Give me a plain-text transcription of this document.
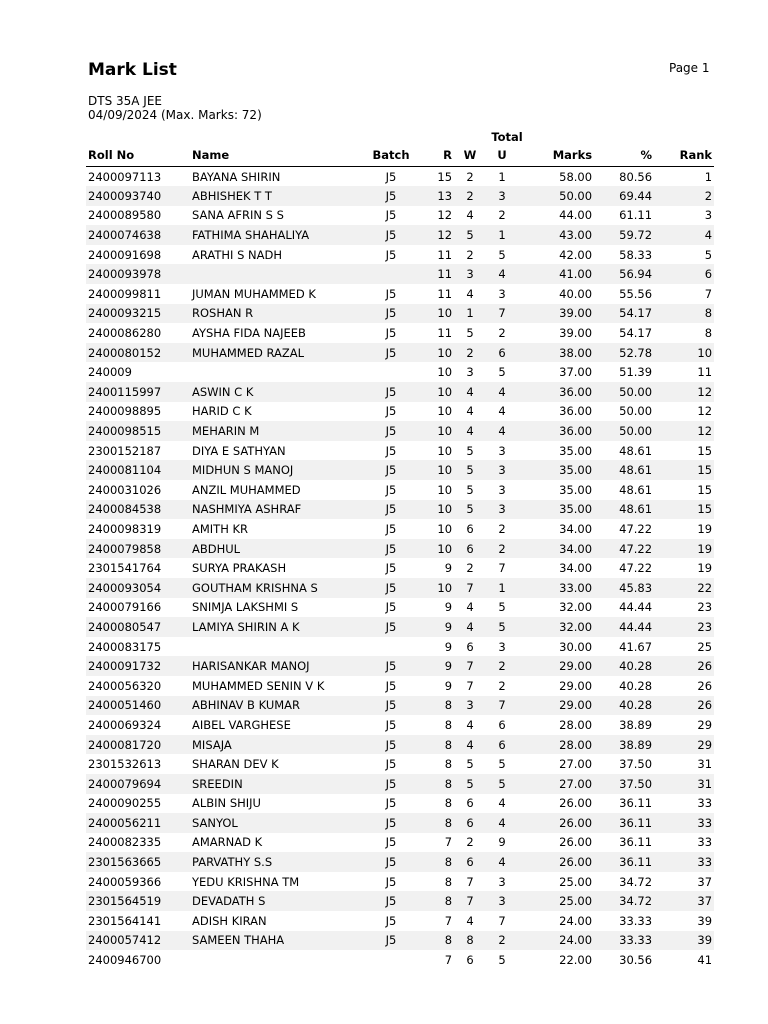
Mark List	Page 1
DTS 35A JEE
04/09/2024 (Max. Marks: 72)
			Total					
Roll No	Name	Batch	R	W	U	Marks	%	Rank
2400097113	BAYANA SHIRIN	J5	15	2	1	58.00	80.56	1
2400093740	ABHISHEK T T	J5	13	2	3	50.00	69.44	2
2400089580	SANA AFRIN S S	J5	12	4	2	44.00	61.11	3
2400074638	FATHIMA SHAHALIYA	J5	12	5	1	43.00	59.72	4
2400091698	ARATHI S NADH	J5	11	2	5	42.00	58.33	5
2400093978			11	3	4	41.00	56.94	6
2400099811	JUMAN MUHAMMED K	J5	11	4	3	40.00	55.56	7
2400093215	ROSHAN R	J5	10	1	7	39.00	54.17	8
2400086280	AYSHA FIDA NAJEEB	J5	11	5	2	39.00	54.17	8
2400080152	MUHAMMED RAZAL	J5	10	2	6	38.00	52.78	10
240009			10	3	5	37.00	51.39	11
2400115997	ASWIN C K	J5	10	4	4	36.00	50.00	12
2400098895	HARID C K	J5	10	4	4	36.00	50.00	12
2400098515	MEHARIN M	J5	10	4	4	36.00	50.00	12
2300152187	DIYA E SATHYAN	J5	10	5	3	35.00	48.61	15
2400081104	MIDHUN S MANOJ	J5	10	5	3	35.00	48.61	15
2400031026	ANZIL MUHAMMED	J5	10	5	3	35.00	48.61	15
2400084538	NASHMIYA ASHRAF	J5	10	5	3	35.00	48.61	15
2400098319	AMITH KR	J5	10	6	2	34.00	47.22	19
2400079858	ABDHUL	J5	10	6	2	34.00	47.22	19
2301541764	SURYA PRAKASH	J5	9	2	7	34.00	47.22	19
2400093054	GOUTHAM KRISHNA S	J5	10	7	1	33.00	45.83	22
2400079166	SNIMJA LAKSHMI S	J5	9	4	5	32.00	44.44	23
2400080547	LAMIYA SHIRIN A K	J5	9	4	5	32.00	44.44	23
2400083175			9	6	3	30.00	41.67	25
2400091732	HARISANKAR MANOJ	J5	9	7	2	29.00	40.28	26
2400056320	MUHAMMED SENIN V K	J5	9	7	2	29.00	40.28	26
2400051460	ABHINAV B KUMAR	J5	8	3	7	29.00	40.28	26
2400069324	AIBEL VARGHESE	J5	8	4	6	28.00	38.89	29
2400081720	MISAJA	J5	8	4	6	28.00	38.89	29
2301532613	SHARAN DEV K	J5	8	5	5	27.00	37.50	31
2400079694	SREEDIN	J5	8	5	5	27.00	37.50	31
2400090255	ALBIN SHIJU	J5	8	6	4	26.00	36.11	33
2400056211	SANYOL	J5	8	6	4	26.00	36.11	33
2400082335	AMARNAD K	J5	7	2	9	26.00	36.11	33
2301563665	PARVATHY S.S	J5	8	6	4	26.00	36.11	33
2400059366	YEDU KRISHNA TM	J5	8	7	3	25.00	34.72	37
2301564519	DEVADATH S	J5	8	7	3	25.00	34.72	37
2301564141	ADISH KIRAN	J5	7	4	7	24.00	33.33	39
2400057412	SAMEEN THAHA	J5	8	8	2	24.00	33.33	39
2400946700			7	6	5	22.00	30.56	41
